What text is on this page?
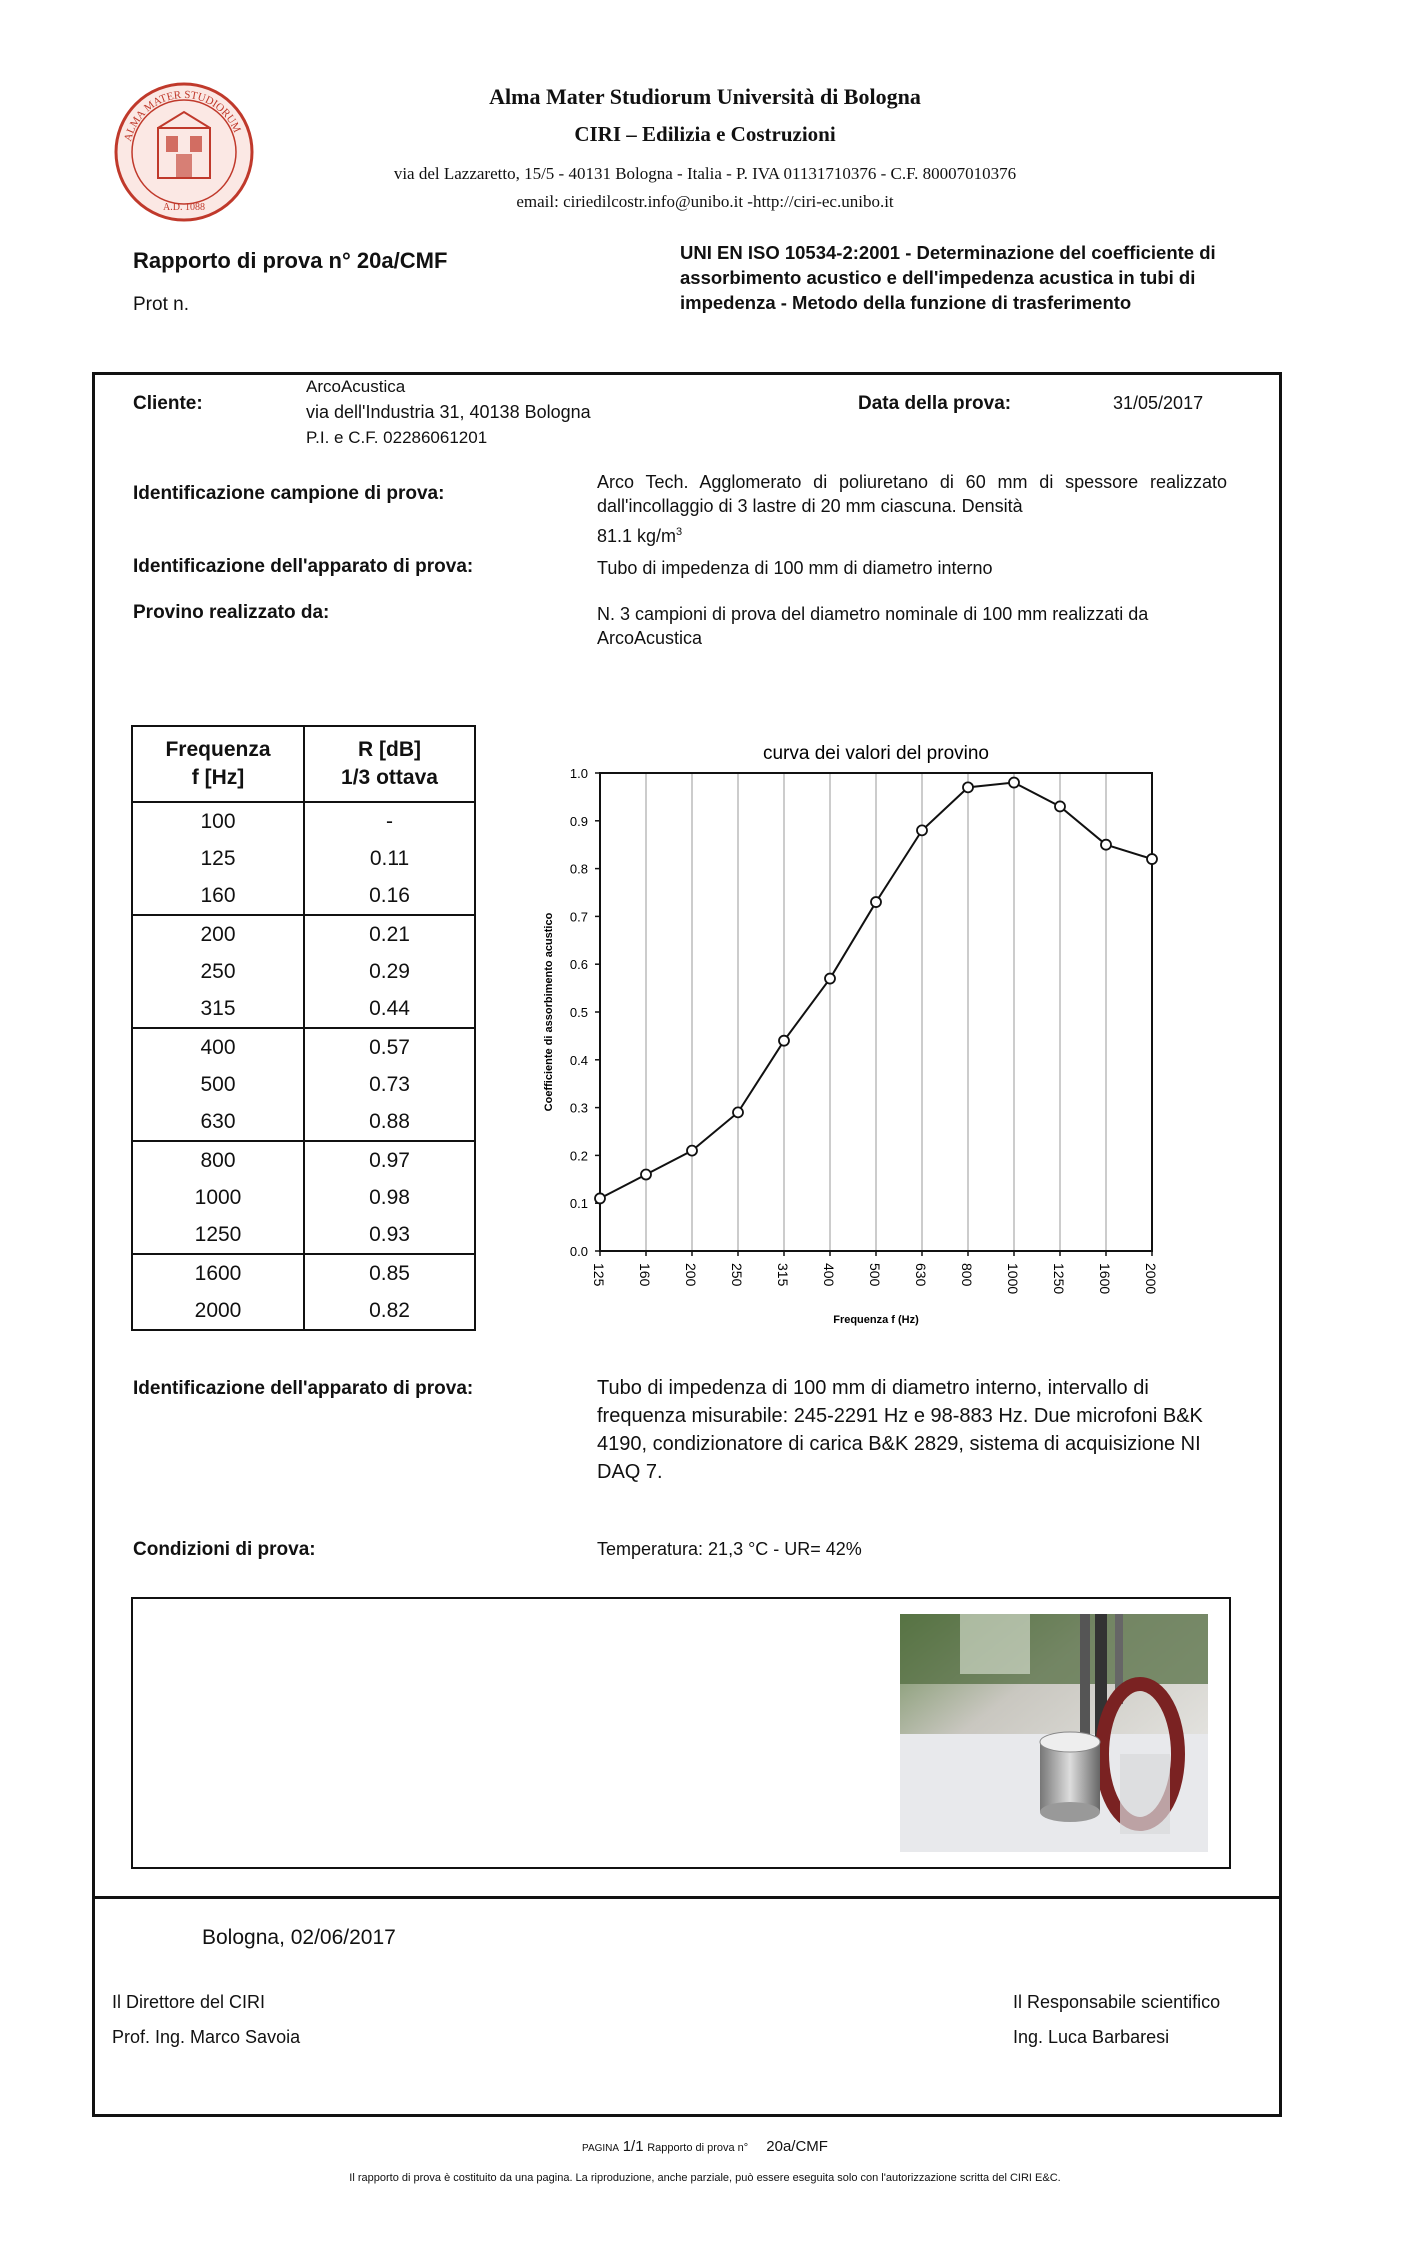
ALMA MATER STUDIORUM
A.D. 1088
Alma Mater Studiorum Università di Bologna
CIRI – Edilizia e Costruzioni
via del Lazzaretto, 15/5 - 40131 Bologna - Italia - P. IVA 01131710376 - C.F. 80007010376
email: ciriedilcostr.info@unibo.it -http://ciri-ec.unibo.it
Rapporto di prova n° 20a/CMF
Prot n.
UNI EN ISO 10534-2:2001 - Determinazione del coefficiente di assorbimento acustico e dell'impedenza acustica in tubi di impedenza - Metodo della funzione di trasferimento
Cliente:
ArcoAcustica
via dell'Industria 31, 40138 Bologna
P.I. e C.F. 02286061201
Data della prova:	31/05/2017
Identificazione campione di prova:
Arco Tech. Agglomerato di poliuretano di 60 mm di spessore realizzato dall'incollaggio di 3 lastre di 20 mm ciascuna. Densità
81.1 $kg/m^3$
Identificazione dell'apparato di prova:	Tubo di impedenza di 100 mm di diametro interno
Provino realizzato da:	N. 3 campioni di prova del diametro nominale di 100 mm realizzati da ArcoAcustica
Frequenza
f [Hz]	R [dB]
1/3 ottava
100	-
125	0.11
160	0.16
200	0.21
250	0.29
315	0.44
400	0.57
500	0.73
630	0.88
800	0.97
1000	0.98
1250	0.93
1600	0.85
2000	0.82
curva dei valori del provino
0.0
0.1
0.2
0.3
0.4
0.5
0.6
0.7
0.8
0.9
1.0
125 160 200 250 315 400 500 630 800 1000 1250 1600 2000
Frequenza f (Hz)
Coefficiente di assorbimento acustico
Identificazione dell'apparato di prova:	Tubo di impedenza di 100 mm di diametro interno, intervallo di frequenza misurabile: 245-2291 Hz e 98-883 Hz. Due microfoni B&K 4190, condizionatore di carica B&K 2829, sistema di acquisizione NI DAQ 7.
Condizioni di prova:	Temperatura: 21,3 °C - UR= 42%
Bologna, 02/06/2017
Il Direttore del CIRI
Prof. Ing. Marco Savoia
Il Responsabile scientifico
Ing. Luca Barbaresi
PAGINA 1/1 Rapporto di prova n° 20a/CMF
Il rapporto di prova è costituito da una pagina. La riproduzione, anche parziale, può essere eseguita solo con l'autorizzazione scritta del CIRI E&C.
